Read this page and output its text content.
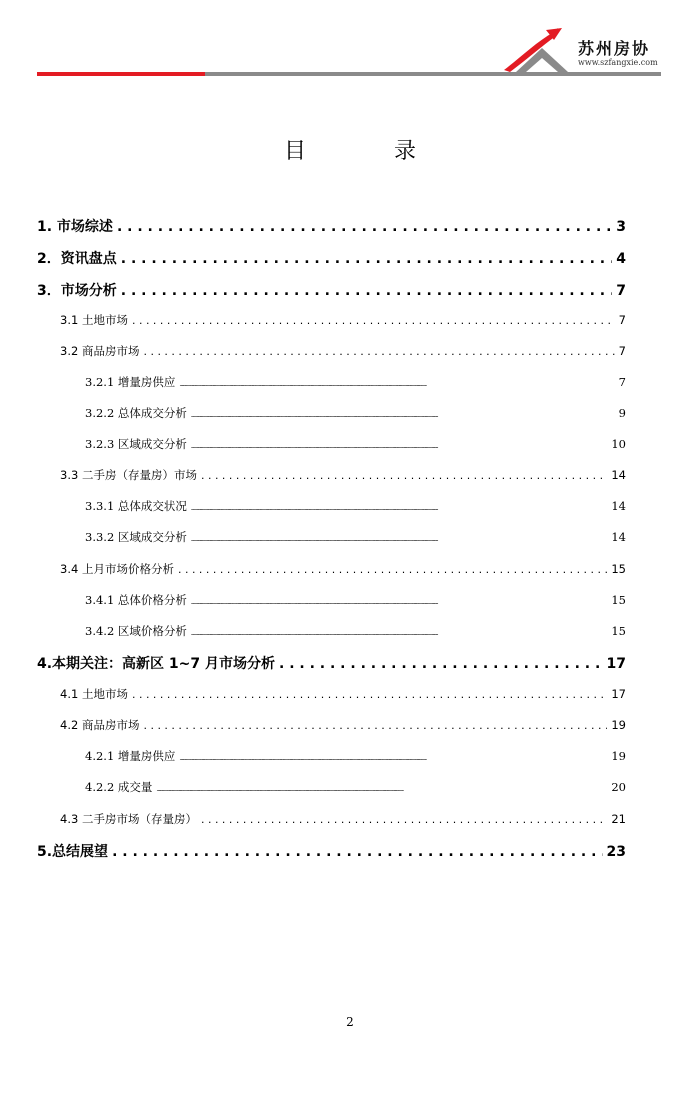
苏州房协
www.szfangxie.com
目	录
1. 市场综述 . . .	3
2．资讯盘点 . . .	4
3．市场分析 . . .	7
3.1 土地市场 . . .	7
3.2 商品房市场 . . .	7
3.2.1 增量房供应 .....	7
3.2.2 总体成交分析 .....	9
3.2.3 区域成交分析 .....	10
3.3 二手房（存量房）市场 . . .	14
3.3.1 总体成交状况 .....	14
3.3.2 区域成交分析 .....	14
3.4 上月市场价格分析 . . .	15
3.4.1 总体价格分析 .....	15
3.4.2 区域价格分析 .....	15
4.本期关注：高新区 1~7 月市场分析 . . .	17
4.1 土地市场 . . .	17
4.2 商品房市场 . . .	19
4.2.1 增量房供应 .....	19
4.2.2 成交量 .....	20
4.3 二手房市场（存量房） . . .	21
5.总结展望 . . .	23
2
